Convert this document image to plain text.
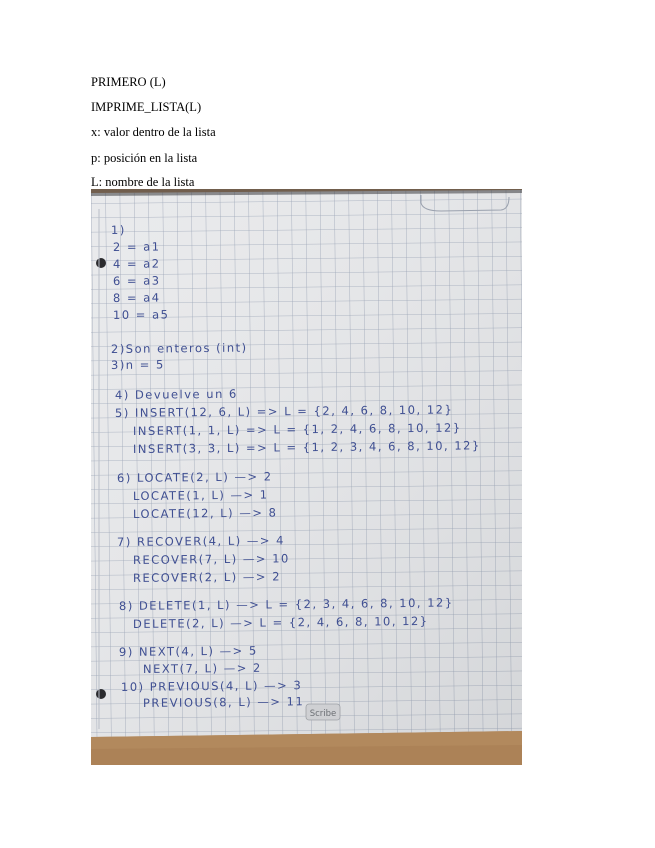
PRIMERO (L)
IMPRIME_LISTA(L)
x: valor dentro de la lista
p: posición en la lista
L: nombre de la lista
Scribe
1)
2 = a1
4 = a2
6 = a3
8 = a4
10 = a5
2)Son enteros (int)
3)n = 5
4) Devuelve un 6
5) INSERT(12, 6, L) => L = {2, 4, 6, 8, 10, 12}
INSERT(1, 1, L) => L = {1, 2, 4, 6, 8, 10, 12}
INSERT(3, 3, L) => L = {1, 2, 3, 4, 6, 8, 10, 12}
6) LOCATE(2, L) —> 2
LOCATE(1, L) —> 1
LOCATE(12, L) —> 8
7) RECOVER(4, L) —> 4
RECOVER(7, L) —> 10
RECOVER(2, L) —> 2
8) DELETE(1, L) —> L = {2, 3, 4, 6, 8, 10, 12}
DELETE(2, L) —> L = {2, 4, 6, 8, 10, 12}
9) NEXT(4, L) —> 5
NEXT(7, L) —> 2
10) PREVIOUS(4, L) —> 3
PREVIOUS(8, L) —> 11
